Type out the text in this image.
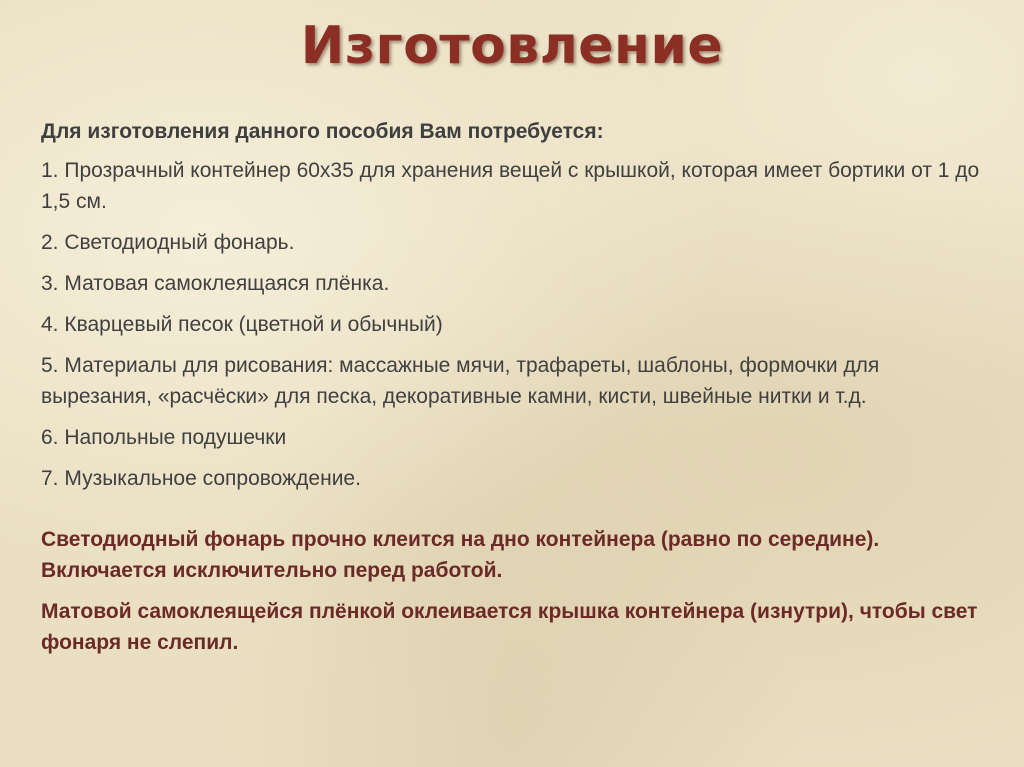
Изготовление

Для изготовления данного пособия Вам потребуется:

1. Прозрачный контейнер 60х35 для хранения вещей с крышкой, которая имеет бортики от 1 до 1,5 см.

2. Светодиодный фонарь.

3. Матовая самоклеящаяся плёнка.

4. Кварцевый песок (цветной и обычный)

5. Материалы для рисования: массажные мячи, трафареты, шаблоны, формочки для вырезания, «расчёски» для песка, декоративные камни, кисти, швейные нитки и т.д.

6. Напольные подушечки

7. Музыкальное сопровождение.

Светодиодный фонарь прочно клеится на дно контейнера (равно по середине). Включается исключительно перед работой.

Матовой самоклеящейся плёнкой оклеивается крышка контейнера (изнутри), чтобы свет фонаря не слепил.
